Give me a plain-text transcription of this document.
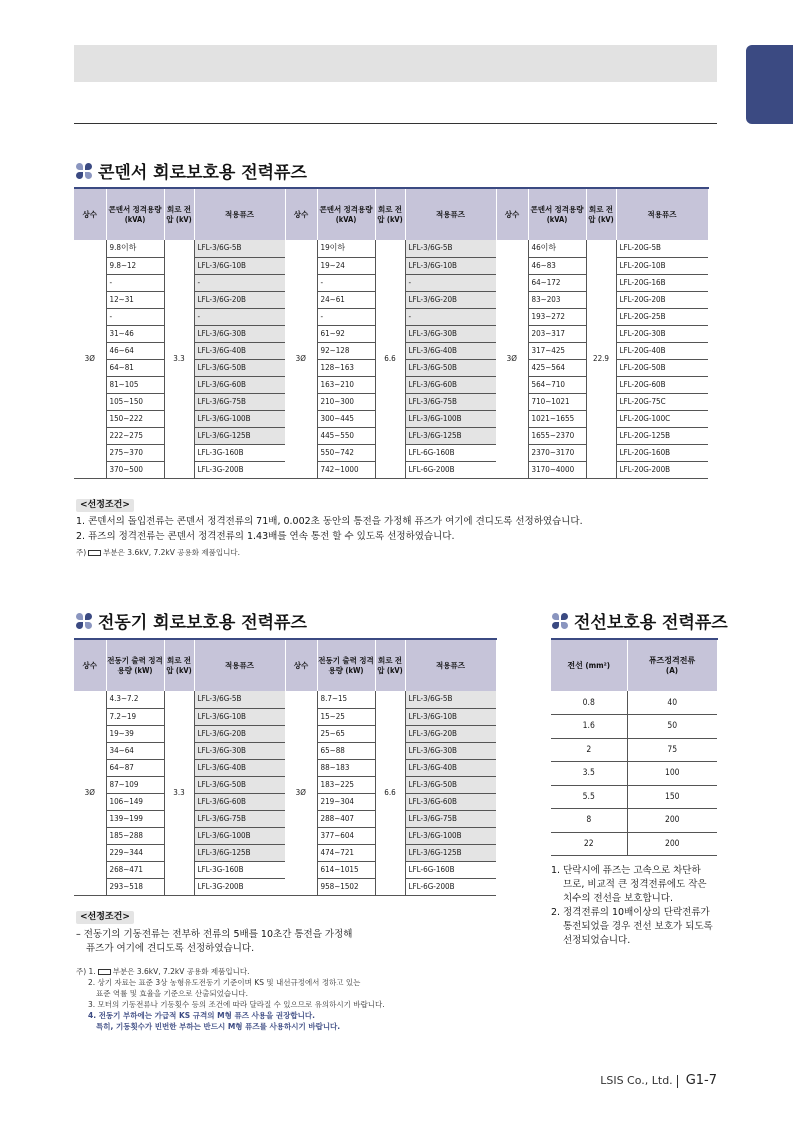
콘덴서 회로보호용 전력퓨즈
상수	콘덴서 정격용량 (kVA)	회로 전압 (kV)	적용퓨즈	상수	콘덴서 정격용량 (kVA)	회로 전압 (kV)	적용퓨즈	상수	콘덴서 정격용량 (kVA)	회로 전압 (kV)	적용퓨즈
3Ø	9.8이하	3.3	LFL-3/6G-5B	3Ø	19이하	6.6	LFL-3/6G-5B	3Ø	46이하	22.9	LFL-20G-5B
	9.8~12		LFL-3/6G-10B		19~24		LFL-3/6G-10B		46~83		LFL-20G-10B
	-		-		-		-		64~172		LFL-20G-16B
	12~31		LFL-3/6G-20B		24~61		LFL-3/6G-20B		83~203		LFL-20G-20B
	-		-		-		-		193~272		LFL-20G-25B
	31~46		LFL-3/6G-30B		61~92		LFL-3/6G-30B		203~317		LFL-20G-30B
	46~64		LFL-3/6G-40B		92~128		LFL-3/6G-40B		317~425		LFL-20G-40B
	64~81		LFL-3/6G-50B		128~163		LFL-3/6G-50B		425~564		LFL-20G-50B
	81~105		LFL-3/6G-60B		163~210		LFL-3/6G-60B		564~710		LFL-20G-60B
	105~150		LFL-3/6G-75B		210~300		LFL-3/6G-75B		710~1021		LFL-20G-75C
	150~222		LFL-3/6G-100B		300~445		LFL-3/6G-100B		1021~1655		LFL-20G-100C
	222~275		LFL-3/6G-125B		445~550		LFL-3/6G-125B		1655~2370		LFL-20G-125B
	275~370		LFL-3G-160B		550~742		LFL-6G-160B		2370~3170		LFL-20G-160B
	370~500		LFL-3G-200B		742~1000		LFL-6G-200B		3170~4000		LFL-20G-200B
<선정조건>
1. 콘덴서의 돌입전류는 콘덴서 정격전류의 71배, 0.002초 동안의 통전을 가정해 퓨즈가 여기에 견디도록 선정하였습니다.
2. 퓨즈의 정격전류는 콘덴서 정격전류의 1.43배를 연속 통전 할 수 있도록 선정하였습니다.
주) 부분은 3.6kV, 7.2kV 공용화 제품입니다.
전동기 회로보호용 전력퓨즈
상수	전동기 출력 정격용량 (kW)	회로 전압 (kV)	적용퓨즈	상수	전동기 출력 정격용량 (kW)	회로 전압 (kV)	적용퓨즈
3Ø	4.3~7.2	3.3	LFL-3/6G-5B	3Ø	8.7~15	6.6	LFL-3/6G-5B
	7.2~19		LFL-3/6G-10B		15~25		LFL-3/6G-10B
	19~39		LFL-3/6G-20B		25~65		LFL-3/6G-20B
	34~64		LFL-3/6G-30B		65~88		LFL-3/6G-30B
	64~87		LFL-3/6G-40B		88~183		LFL-3/6G-40B
	87~109		LFL-3/6G-50B		183~225		LFL-3/6G-50B
	106~149		LFL-3/6G-60B		219~304		LFL-3/6G-60B
	139~199		LFL-3/6G-75B		288~407		LFL-3/6G-75B
	185~288		LFL-3/6G-100B		377~604		LFL-3/6G-100B
	229~344		LFL-3/6G-125B		474~721		LFL-3/6G-125B
	268~471		LFL-3G-160B		614~1015		LFL-6G-160B
	293~518		LFL-3G-200B		958~1502		LFL-6G-200B
<선정조건>
– 전동기의 기동전류는 전부하 전류의 5배를 10초간 통전을 가정해
퓨즈가 여기에 견디도록 선정하였습니다.
주) 1. 부분은 3.6kV, 7.2kV 공용화 제품입니다.
2. 상기 자료는 표준 3상 농형유도전동기 기준이며 KS 및 내선규정에서 정하고 있는
표준 역률 및 효율을 기준으로 산출되었습니다.
3. 모터의 기동전류나 기동횟수 등의 조건에 따라 달라질 수 있으므로 유의하시기 바랍니다.
4. 전동기 부하에는 가급적 KS 규격의 M형 퓨즈 사용을 권장합니다.
특히, 기동횟수가 빈번한 부하는 반드시 M형 퓨즈를 사용하시기 바랍니다.
전선보호용 전력퓨즈
전선 (mm²)	퓨즈정격전류 (A)
0.8	40
1.6	50
2	75
3.5	100
5.5	150
8	200
22	200
1. 단락시에 퓨즈는 고속으로 차단하
므로, 비교적 큰 정격전류에도 작은
치수의 전선을 보호합니다.
2. 정격전류의 10배이상의 단락전류가
통전되었을 경우 전선 보호가 되도록
선정되었습니다.
LSIS Co., Ltd. G1-7
